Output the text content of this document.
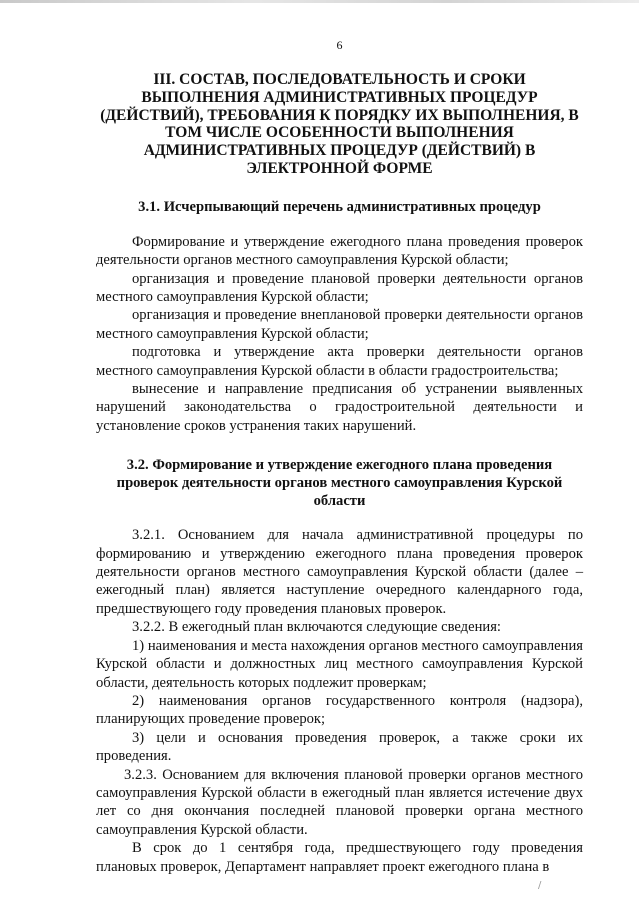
6
III. СОСТАВ, ПОСЛЕДОВАТЕЛЬНОСТЬ И СРОКИ ВЫПОЛНЕНИЯ АДМИНИСТРАТИВНЫХ ПРОЦЕДУР (ДЕЙСТВИЙ), ТРЕБОВАНИЯ К ПОРЯДКУ ИХ ВЫПОЛНЕНИЯ, В ТОМ ЧИСЛЕ ОСОБЕННОСТИ ВЫПОЛНЕНИЯ АДМИНИСТРАТИВНЫХ ПРОЦЕДУР (ДЕЙСТВИЙ) В ЭЛЕКТРОННОЙ ФОРМЕ
3.1. Исчерпывающий перечень административных процедур

Формирование и утверждение ежегодного плана проведения проверок деятельности органов местного самоуправления Курской области;

организация и проведение плановой проверки деятельности органов местного самоуправления Курской области;

организация и проведение внеплановой проверки деятельности органов местного самоуправления Курской области;

подготовка и утверждение акта проверки деятельности органов местного самоуправления Курской области в области градостроительства;

вынесение и направление предписания об устранении выявленных нарушений законодательства о градостроительной деятельности и установление сроков устранения таких нарушений.

3.2. Формирование и утверждение ежегодного плана проведения проверок деятельности органов местного самоуправления Курской области

3.2.1. Основанием для начала административной процедуры по формированию и утверждению ежегодного плана проведения проверок деятельности органов местного самоуправления Курской области (далее – ежегодный план) является наступление очередного календарного года, предшествующего году проведения плановых проверок.

3.2.2. В ежегодный план включаются следующие сведения:

1) наименования и места нахождения органов местного самоуправления Курской области и должностных лиц местного самоуправления Курской области, деятельность которых подлежит проверкам;

2) наименования органов государственного контроля (надзора), планирующих проведение проверок;

3) цели и основания проведения проверок, а также сроки их проведения.

3.2.3. Основанием для включения плановой проверки органов местного самоуправления Курской области в ежегодный план является истечение двух лет со дня окончания последней плановой проверки органа местного самоуправления Курской области.

В срок до 1 сентября года, предшествующего году проведения плановых проверок, Департамент направляет проект ежегодного плана в

/
